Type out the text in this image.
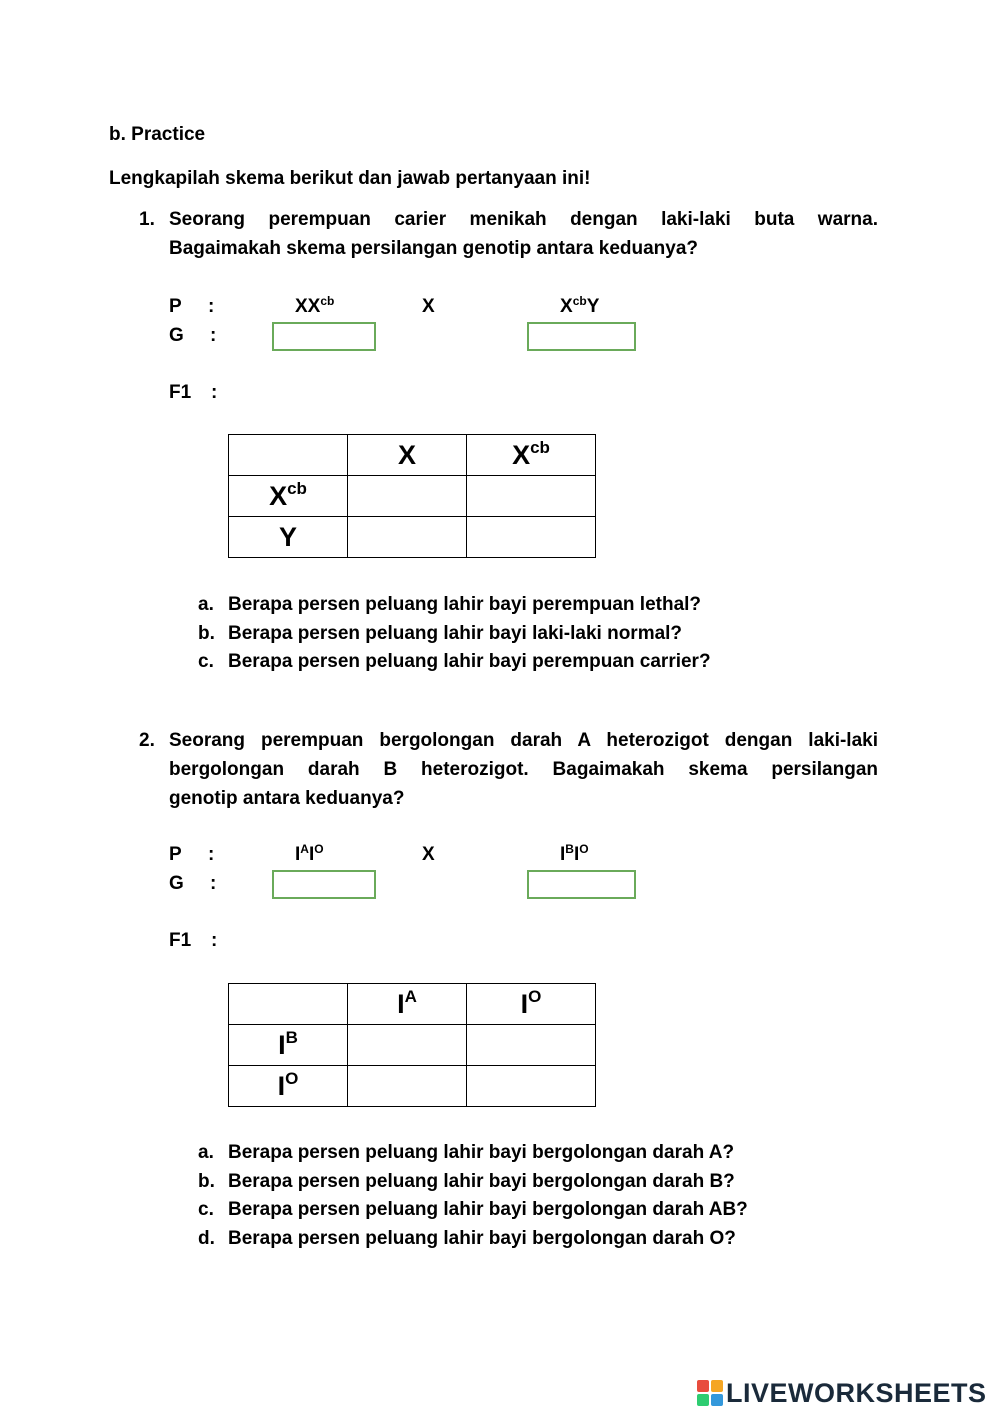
b. Practice
Lengkapilah skema berikut dan jawab pertanyaan ini!
1. Seorang perempuan carier menikah dengan laki-laki buta warna.
Bagaimakah skema persilangan genotip antara keduanya?
P :	$XX^{cb}$	X	$X^{cb}Y$
G :
F1 :
	X	$X^{cb}$
$X^{cb}$		
Y		
a. Berapa persen peluang lahir bayi perempuan lethal?
b. Berapa persen peluang lahir bayi laki-laki normal?
c. Berapa persen peluang lahir bayi perempuan carrier?
2. Seorang perempuan bergolongan darah A heterozigot dengan laki-laki
bergolongan darah B heterozigot. Bagaimakah skema persilangan
genotip antara keduanya?
P :	$I^AI^O$	X	$I^BI^O$
G :
F1 :
	$I^A$	$I^O$
$I^B$		
$I^O$		
a. Berapa persen peluang lahir bayi bergolongan darah A?
b. Berapa persen peluang lahir bayi bergolongan darah B?
c. Berapa persen peluang lahir bayi bergolongan darah AB?
d. Berapa persen peluang lahir bayi bergolongan darah O?
LIVEWORKSHEETS
